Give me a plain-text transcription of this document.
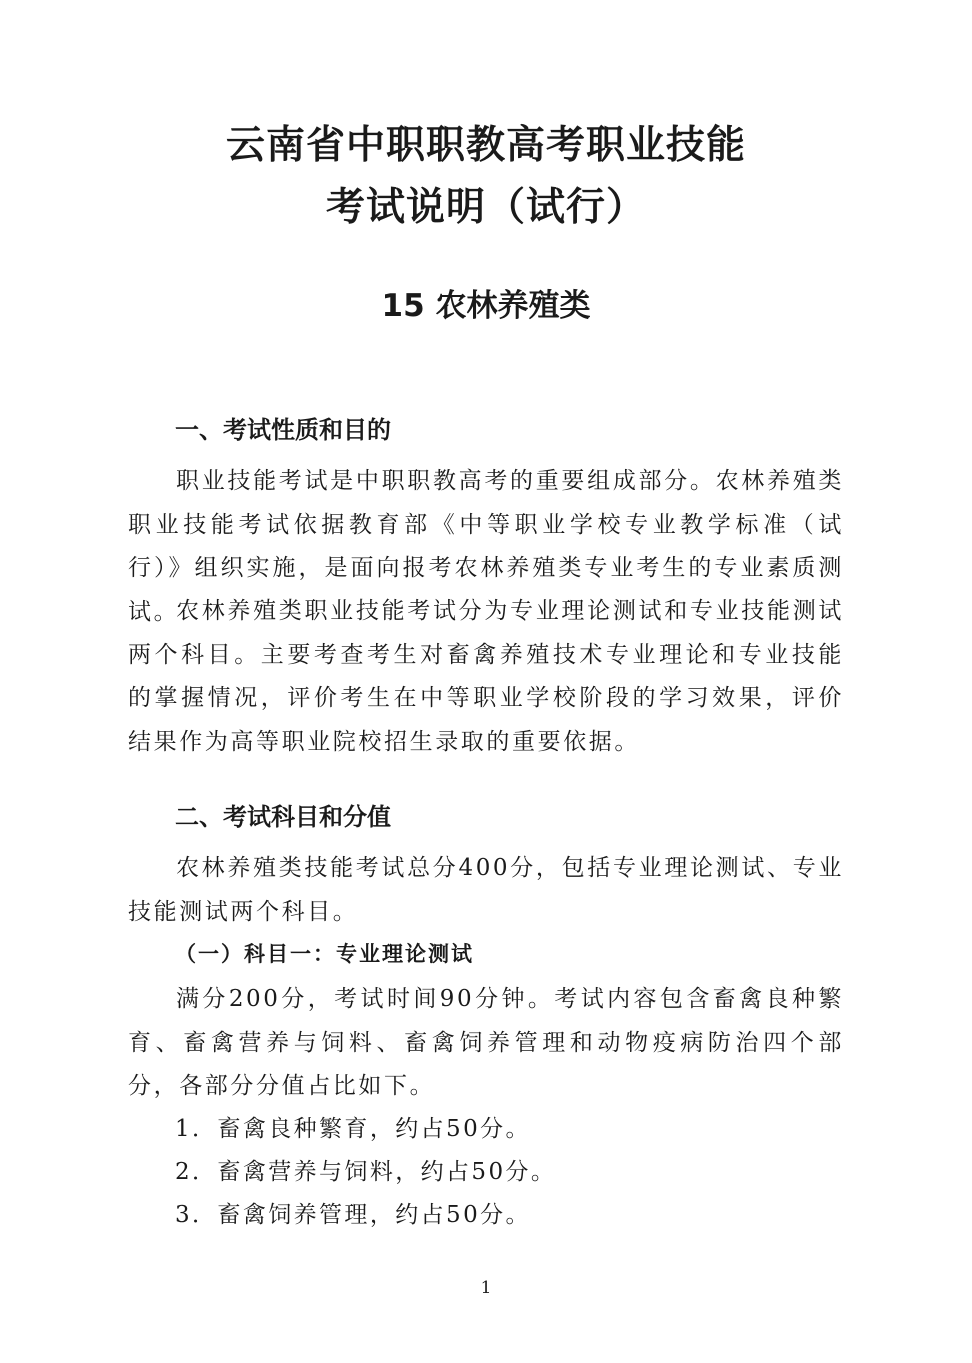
云南省中职职教高考职业技能
考试说明（试行）
15 农林养殖类
一、考试性质和目的
职业技能考试是中职职教高考的重要组成部分。农林养殖类职业技能考试依据教育部《中等职业学校专业教学标准（试行）》组织实施，是面向报考农林养殖类专业考生的专业素质测试。
农林养殖类职业技能考试分为专业理论测试和专业技能测试两个科目。主要考查考生对畜禽养殖技术专业理论和专业技能的掌握情况，评价考生在中等职业学校阶段的学习效果，评价结果作为高等职业院校招生录取的重要依据。
二、考试科目和分值
农林养殖类技能考试总分400分，包括专业理论测试、专业技能测试两个科目。
（一）科目一：专业理论测试
满分200分，考试时间90分钟。考试内容包含畜禽良种繁育、畜禽营养与饲料、畜禽饲养管理和动物疫病防治四个部分，各部分分值占比如下。
1．畜禽良种繁育，约占50分。
2．畜禽营养与饲料，约占50分。
3．畜禽饲养管理，约占50分。
1
